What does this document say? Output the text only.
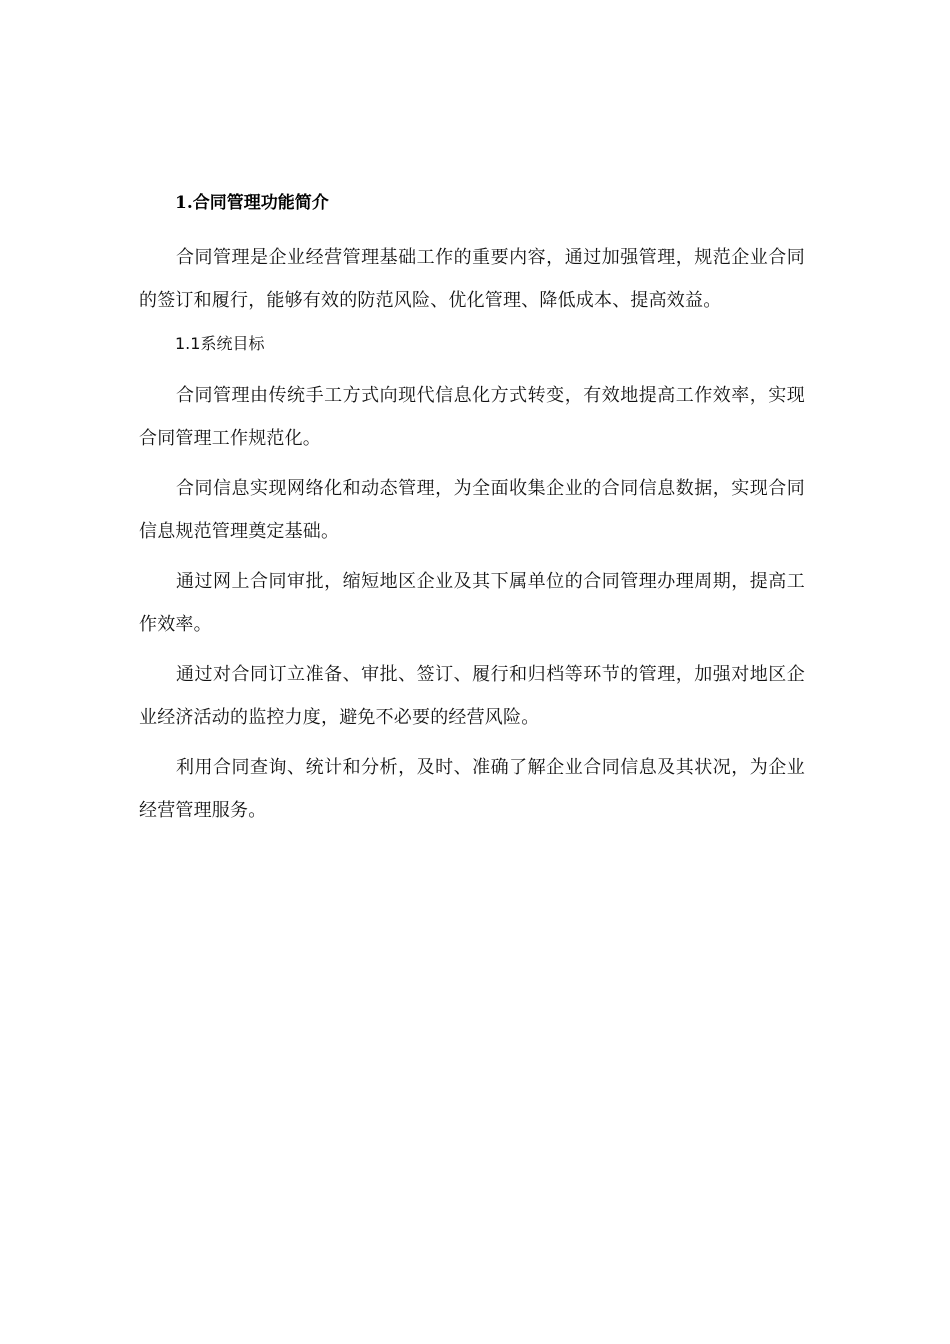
1.合同管理功能简介

合同管理是企业经营管理基础工作的重要内容，通过加强管理，规范企业合同的签订和履行，能够有效的防范风险、优化管理、降低成本、提高效益。

1.1系统目标

合同管理由传统手工方式向现代信息化方式转变，有效地提高工作效率，实现合同管理工作规范化。

合同信息实现网络化和动态管理，为全面收集企业的合同信息数据，实现合同信息规范管理奠定基础。

通过网上合同审批，缩短地区企业及其下属单位的合同管理办理周期，提高工作效率。

通过对合同订立准备、审批、签订、履行和归档等环节的管理，加强对地区企业经济活动的监控力度，避免不必要的经营风险。

利用合同查询、统计和分析，及时、准确了解企业合同信息及其状况，为企业经营管理服务。
